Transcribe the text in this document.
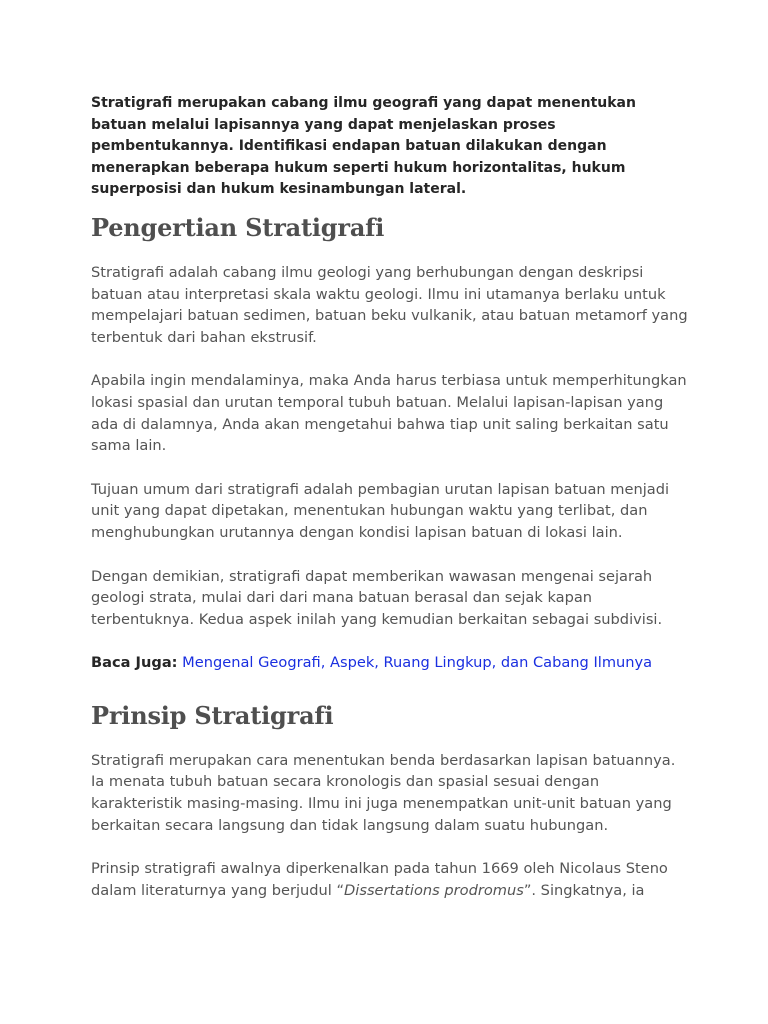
Stratigrafi merupakan cabang ilmu geografi yang dapat menentukan batuan melalui lapisannya yang dapat menjelaskan proses pembentukannya. Identifikasi endapan batuan dilakukan dengan menerapkan beberapa hukum seperti hukum horizontalitas, hukum superposisi dan hukum kesinambungan lateral.

Pengertian Stratigrafi

Stratigrafi adalah cabang ilmu geologi yang berhubungan dengan deskripsi batuan atau interpretasi skala waktu geologi. Ilmu ini utamanya berlaku untuk mempelajari batuan sedimen, batuan beku vulkanik, atau batuan metamorf yang terbentuk dari bahan ekstrusif.

Apabila ingin mendalaminya, maka Anda harus terbiasa untuk memperhitungkan lokasi spasial dan urutan temporal tubuh batuan. Melalui lapisan-lapisan yang ada di dalamnya, Anda akan mengetahui bahwa tiap unit saling berkaitan satu sama lain.

Tujuan umum dari stratigrafi adalah pembagian urutan lapisan batuan menjadi unit yang dapat dipetakan, menentukan hubungan waktu yang terlibat, dan menghubungkan urutannya dengan kondisi lapisan batuan di lokasi lain.

Dengan demikian, stratigrafi dapat memberikan wawasan mengenai sejarah geologi strata, mulai dari dari mana batuan berasal dan sejak kapan terbentuknya. Kedua aspek inilah yang kemudian berkaitan sebagai subdivisi.

Baca Juga: Mengenal Geografi, Aspek, Ruang Lingkup, dan Cabang Ilmunya

Prinsip Stratigrafi

Stratigrafi merupakan cara menentukan benda berdasarkan lapisan batuannya. Ia menata tubuh batuan secara kronologis dan spasial sesuai dengan karakteristik masing-masing. Ilmu ini juga menempatkan unit-unit batuan yang berkaitan secara langsung dan tidak langsung dalam suatu hubungan.

Prinsip stratigrafi awalnya diperkenalkan pada tahun 1669 oleh Nicolaus Steno dalam literaturnya yang berjudul “Dissertations prodromus”. Singkatnya, ia
